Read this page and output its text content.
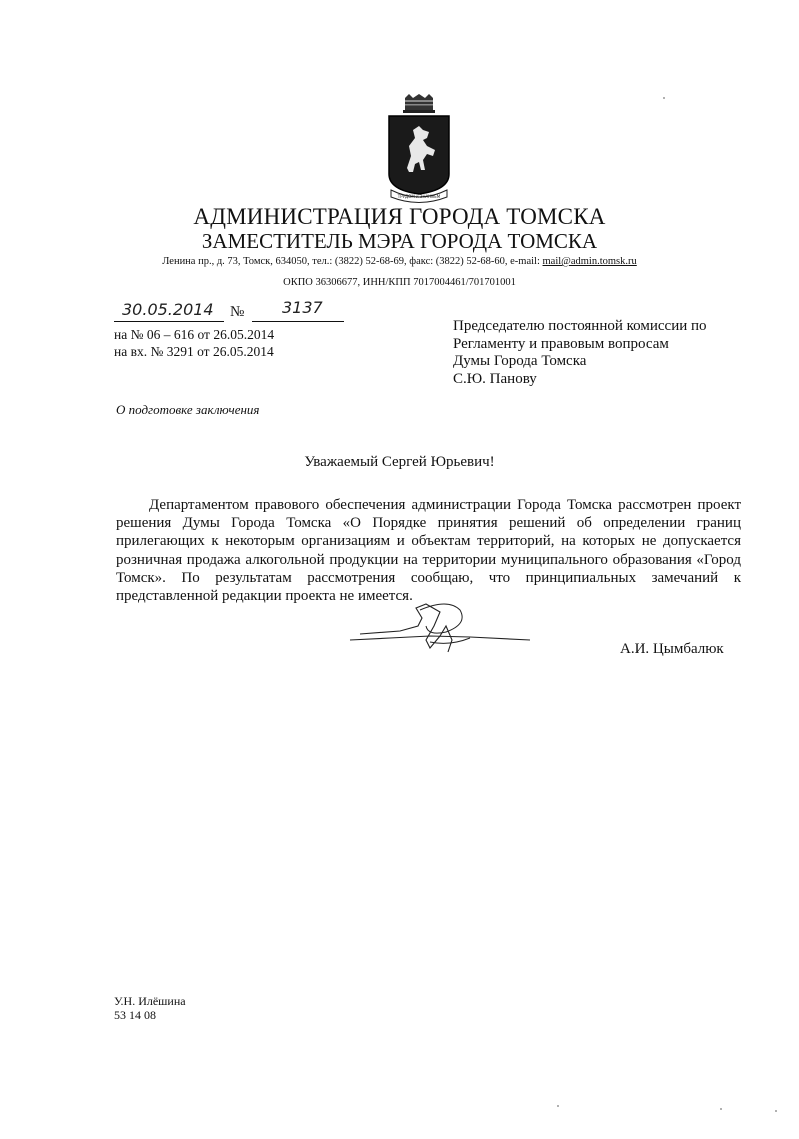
ТРУДОМ и ЗНАНИЕМ
АДМИНИСТРАЦИЯ ГОРОДА ТОМСКА
ЗАМЕСТИТЕЛЬ МЭРА ГОРОДА ТОМСКА
Ленина пр., д. 73, Томск, 634050, тел.: (3822) 52-68-69, факс: (3822) 52-68-60, e-mail: mail@admin.tomsk.ru
ОКПО 36306677, ИНН/КПП 7017004461/701701001
30.05.2014 № 3137
на № 06 – 616 от 26.05.2014
на вх. № 3291 от 26.05.2014
Председателю постоянной комиссии по
Регламенту и правовым вопросам
Думы Города Томска
С.Ю. Панову
О подготовке заключения
Уважаемый Сергей Юрьевич!
Департаментом правового обеспечения администрации Города Томска рассмотрен проект решения Думы Города Томска «О Порядке принятия решений об определении границ прилегающих к некоторым организациям и объектам территорий, на которых не допускается розничная продажа алкогольной продукции на территории муниципального образования «Город Томск». По результатам рассмотрения сообщаю, что принципиальных замечаний к представленной редакции проекта не имеется.
А.И. Цымбалюк
У.Н. Илёшина
53 14 08
